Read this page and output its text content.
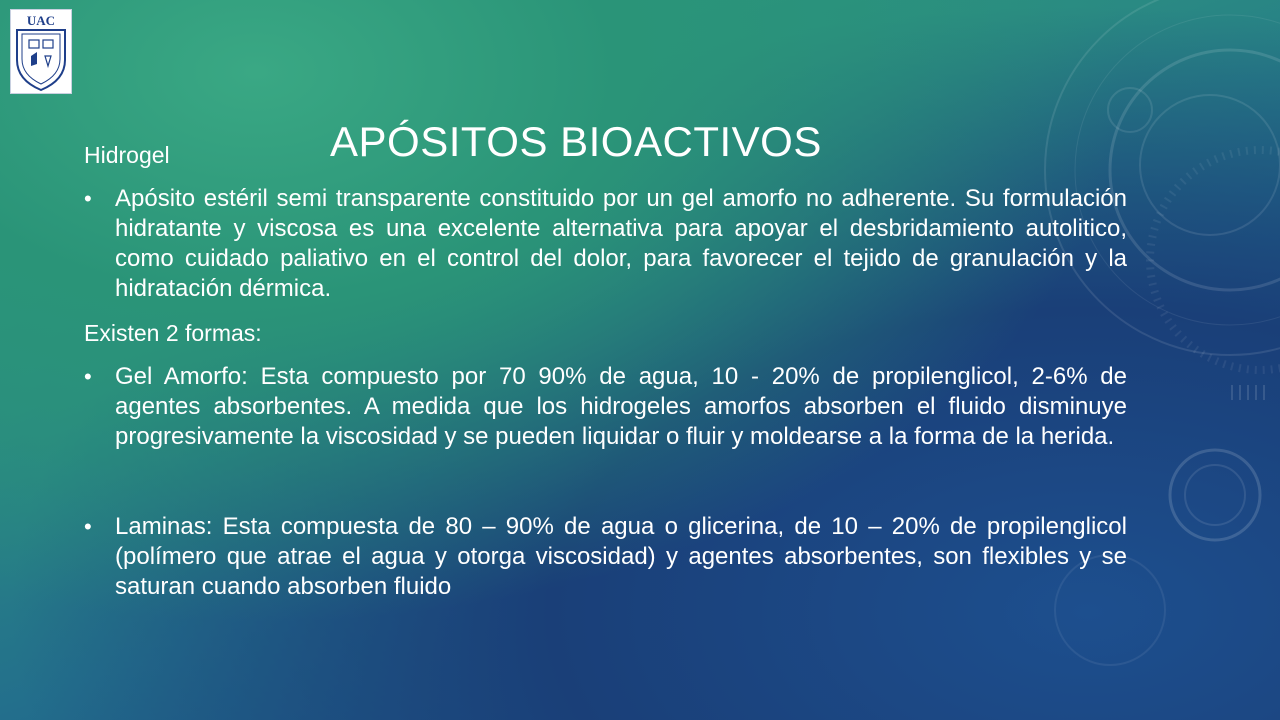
UAC
APÓSITOS BIOACTIVOS

Hidrogel

• Apósito estéril semi transparente constituido por un gel amorfo no adherente. Su formulación hidratante y viscosa es una excelente alternativa para apoyar el desbridamiento autolitico, como cuidado paliativo en el control del dolor, para favorecer el tejido de granulación y la hidratación dérmica.

Existen 2 formas:

• Gel Amorfo: Esta compuesto por 70 90% de agua, 10 - 20% de propilenglicol, 2-6% de agentes absorbentes. A medida que los hidrogeles amorfos absorben el fluido disminuye progresivamente la viscosidad y se pueden liquidar o fluir y moldearse a la forma de la herida.

• Laminas: Esta compuesta de 80 – 90% de agua o glicerina, de 10 – 20% de propilenglicol (polímero que atrae el agua y otorga viscosidad) y agentes absorbentes, son flexibles y se saturan cuando absorben fluido
